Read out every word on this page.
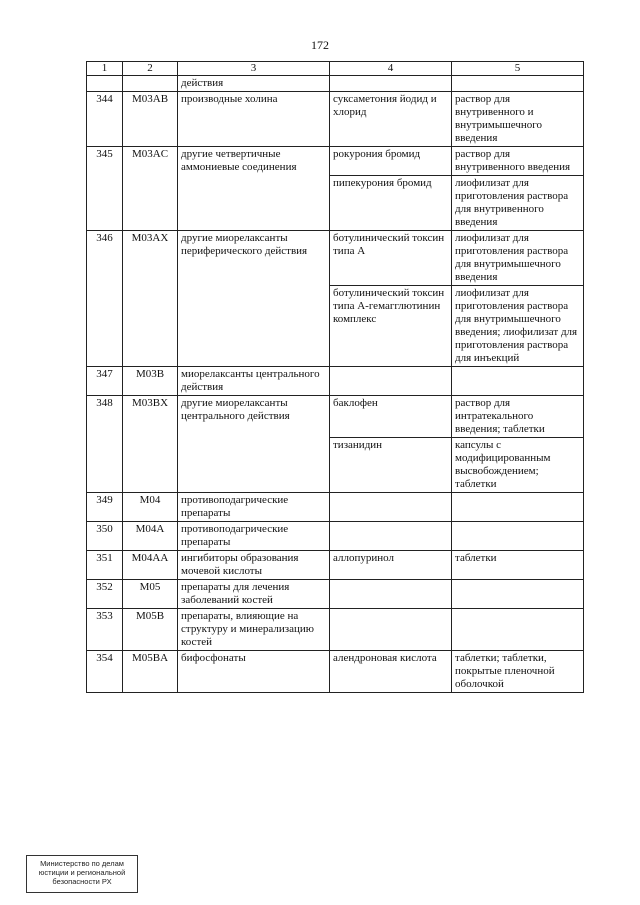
172
1	2	3	4	5
		действия		
344	M03AB	производные холина	суксаметония йодид и хлорид	раствор для внутривенного и внутримышечного введения
345	M03AC	другие четвертичные аммониевые соединения	рокурония бромид	раствор для внутривенного введения
			пипекурония бромид	лиофилизат для приготовления раствора для внутривенного введения
346	M03AX	другие миорелаксанты периферического действия	ботулинический токсин типа А	лиофилизат для приготовления раствора для внутримышечного введения
			ботулинический токсин типа А-гемагглютинин комплекс	лиофилизат для приготовления раствора для внутримышечного введения; лиофилизат для приготовления раствора для инъекций
347	M03B	миорелаксанты центрального действия		
348	M03BX	другие миорелаксанты центрального действия	баклофен	раствор для интратекального введения; таблетки
			тизанидин	капсулы с модифицированным высвобождением; таблетки
349	M04	противоподагрические препараты		
350	M04A	противоподагрические препараты		
351	M04AA	ингибиторы образования мочевой кислоты	аллопуринол	таблетки
352	M05	препараты для лечения заболеваний костей		
353	M05B	препараты, влияющие на структуру и минерализацию костей		
354	M05BA	бифосфонаты	алендроновая кислота	таблетки; таблетки, покрытые пленочной оболочкой
Министерство по делам
юстиции и региональной
безопасности РХ
